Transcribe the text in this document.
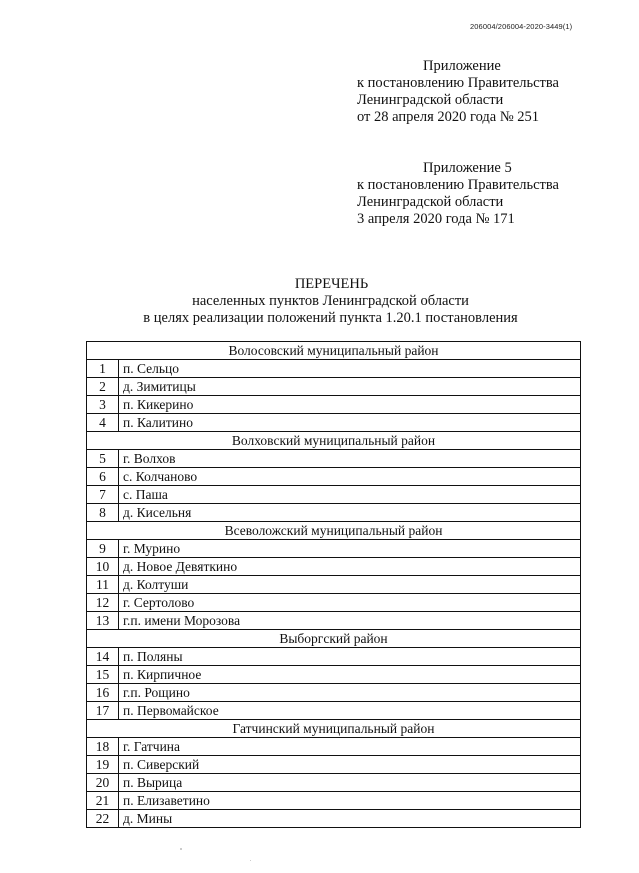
206004/206004-2020-3449(1)
Приложение
к постановлению Правительства
Ленинградской области
от 28 апреля 2020 года № 251
Приложение 5
к постановлению Правительства
Ленинградской области
3 апреля 2020 года № 171
ПЕРЕЧЕНЬ
населенных пунктов Ленинградской области
в целях реализации положений пункта 1.20.1 постановления
Волосовский муниципальный район	
1	п. Сельцо
2	д. Зимитицы
3	п. Кикерино
4	п. Калитино
Волховский муниципальный район	
5	г. Волхов
6	с. Колчаново
7	с. Паша
8	д. Кисельня
Всеволожский муниципальный район	
9	г. Мурино
10	д. Новое Девяткино
11	д. Колтуши
12	г. Сертолово
13	г.п. имени Морозова
Выборгский район	
14	п. Поляны
15	п. Кирпичное
16	г.п. Рощино
17	п. Первомайское
Гатчинский муниципальный район	
18	г. Гатчина
19	п. Сиверский
20	п. Вырица
21	п. Елизаветино
22	д. Мины
